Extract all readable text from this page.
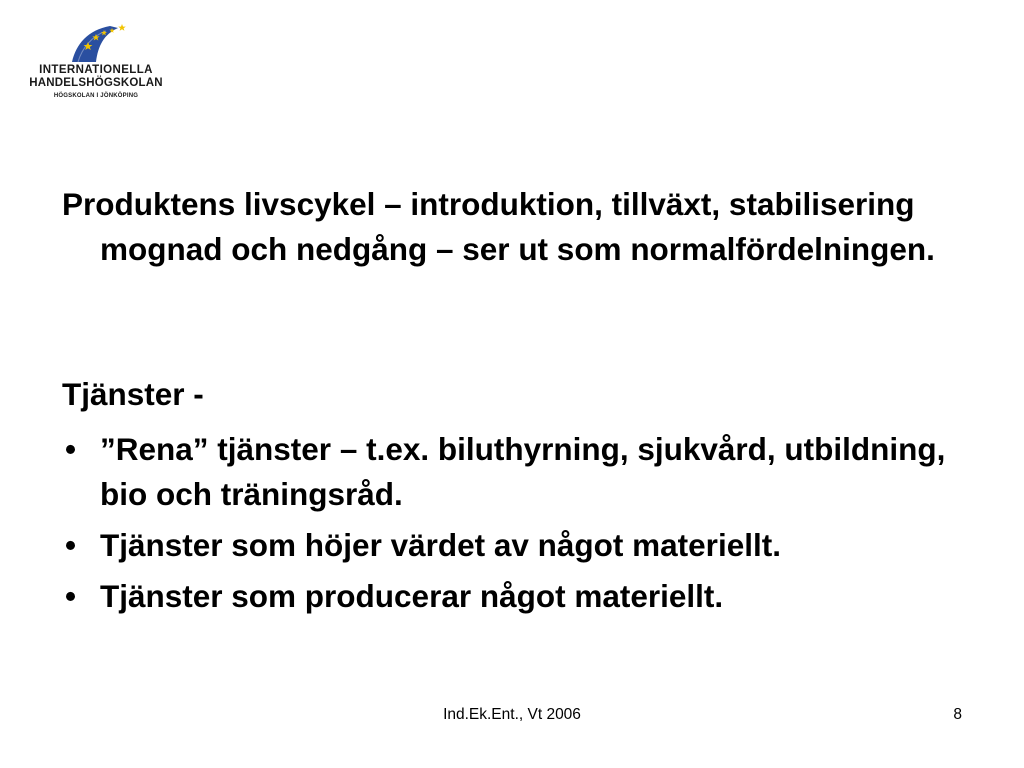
INTERNATIONELLA
HANDELSHÖGSKOLAN
HÖGSKOLAN I JÖNKÖPING

Produktens livscykel – introduktion, tillväxt, stabilisering mognad och nedgång – ser ut som normalfördelningen.

Tjänster -
• ”Rena” tjänster – t.ex. biluthyrning, sjukvård, utbildning, bio och träningsråd.
• Tjänster som höjer värdet av något materiellt.
• Tjänster som producerar något materiellt.
Ind.Ek.Ent., Vt 2006	8
